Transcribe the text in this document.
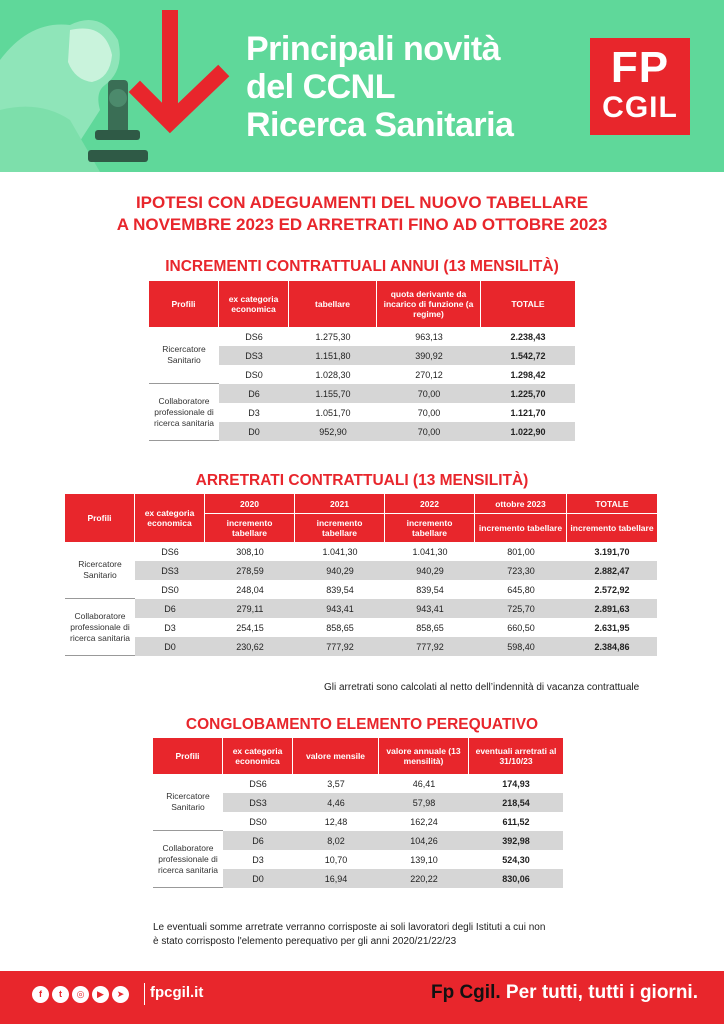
Principali novità
del CCNL
Ricerca Sanitaria
FP
CGIL
IPOTESI CON ADEGUAMENTI DEL NUOVO TABELLARE
A NOVEMBRE 2023 ED ARRETRATI FINO AD OTTOBRE 2023
INCREMENTI CONTRATTUALI ANNUI (13 MENSILITÀ)
Profili	ex categoria economica	tabellare	quota derivante da incarico di funzione (a regime)	TOTALE
Ricercatore Sanitario	DS6	1.275,30	963,13	2.238,43
	DS3	1.151,80	390,92	1.542,72
	DS0	1.028,30	270,12	1.298,42
Collaboratore professionale di ricerca sanitaria	D6	1.155,70	70,00	1.225,70
	D3	1.051,70	70,00	1.121,70
	D0	952,90	70,00	1.022,90
ARRETRATI CONTRATTUALI (13 MENSILITÀ)
Profili	ex categoria economica	2020	2021	2022	ottobre 2023	TOTALE
		incremento tabellare	incremento tabellare	incremento tabellare	incremento tabellare	incremento tabellare
Ricercatore Sanitario	DS6	308,10	1.041,30	1.041,30	801,00	3.191,70
	DS3	278,59	940,29	940,29	723,30	2.882,47
	DS0	248,04	839,54	839,54	645,80	2.572,92
Collaboratore professionale di ricerca sanitaria	D6	279,11	943,41	943,41	725,70	2.891,63
	D3	254,15	858,65	858,65	660,50	2.631,95
	D0	230,62	777,92	777,92	598,40	2.384,86
Gli arretrati sono calcolati al netto dell’indennità di vacanza contrattuale
CONGLOBAMENTO ELEMENTO PEREQUATIVO
Profili	ex categoria economica	valore mensile	valore annuale (13 mensilità)	eventuali arretrati al 31/10/23
Ricercatore Sanitario	DS6	3,57	46,41	174,93
	DS3	4,46	57,98	218,54
	DS0	12,48	162,24	611,52
Collaboratore professionale di ricerca sanitaria	D6	8,02	104,26	392,98
	D3	10,70	139,10	524,30
	D0	16,94	220,22	830,06
Le eventuali somme arretrate verranno corrisposte ai soli lavoratori degli Istituti a cui non
è stato corrisposto l'elemento perequativo per gli anni 2020/21/22/23
f	t	◎	▶	➤	fpcgil.it	Fp Cgil. Per tutti, tutti i giorni.
